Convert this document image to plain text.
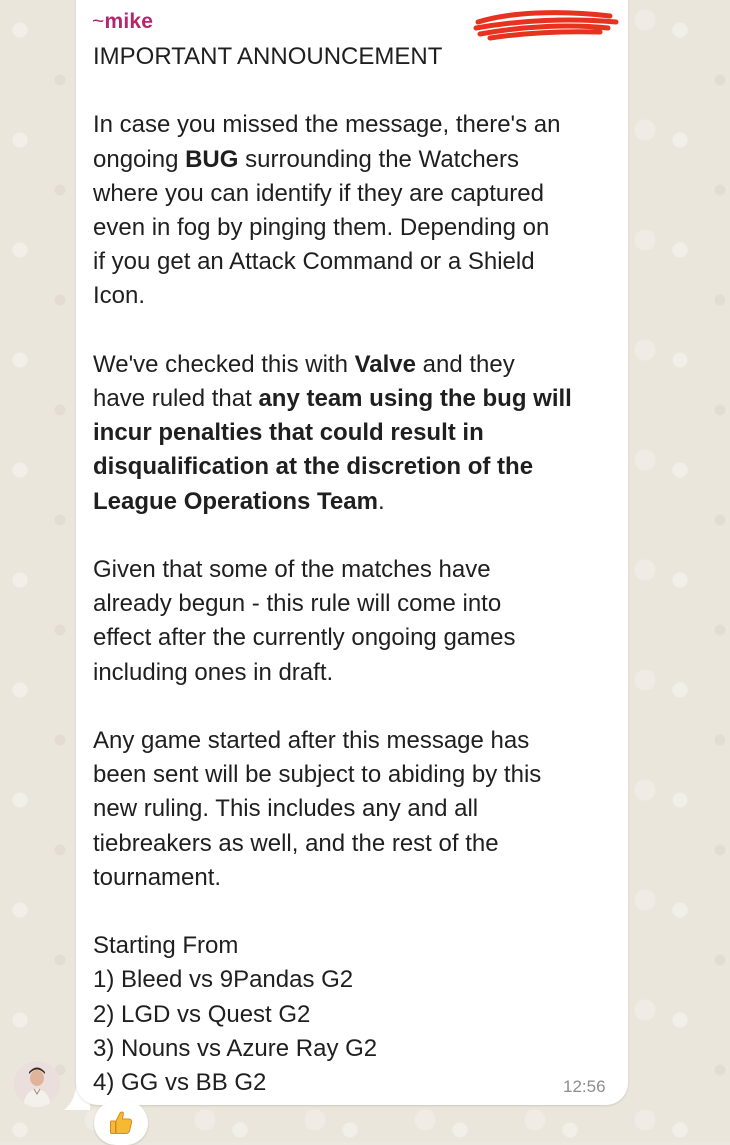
~mike
IMPORTANT ANNOUNCEMENT
In case you missed the message, there's an
ongoing BUG surrounding the Watchers
where you can identify if they are captured
even in fog by pinging them. Depending on
if you get an Attack Command or a Shield
Icon.
We've checked this with Valve and they
have ruled that any team using the bug will
incur penalties that could result in
disqualification at the discretion of the
League Operations Team.
Given that some of the matches have
already begun - this rule will come into
effect after the currently ongoing games
including ones in draft.
Any game started after this message has
been sent will be subject to abiding by this
new ruling. This includes any and all
tiebreakers as well, and the rest of the
tournament.
Starting From
1) Bleed vs 9Pandas G2
2) LGD vs Quest G2
3) Nouns vs Azure Ray G2
4) GG vs BB G2	12:56
